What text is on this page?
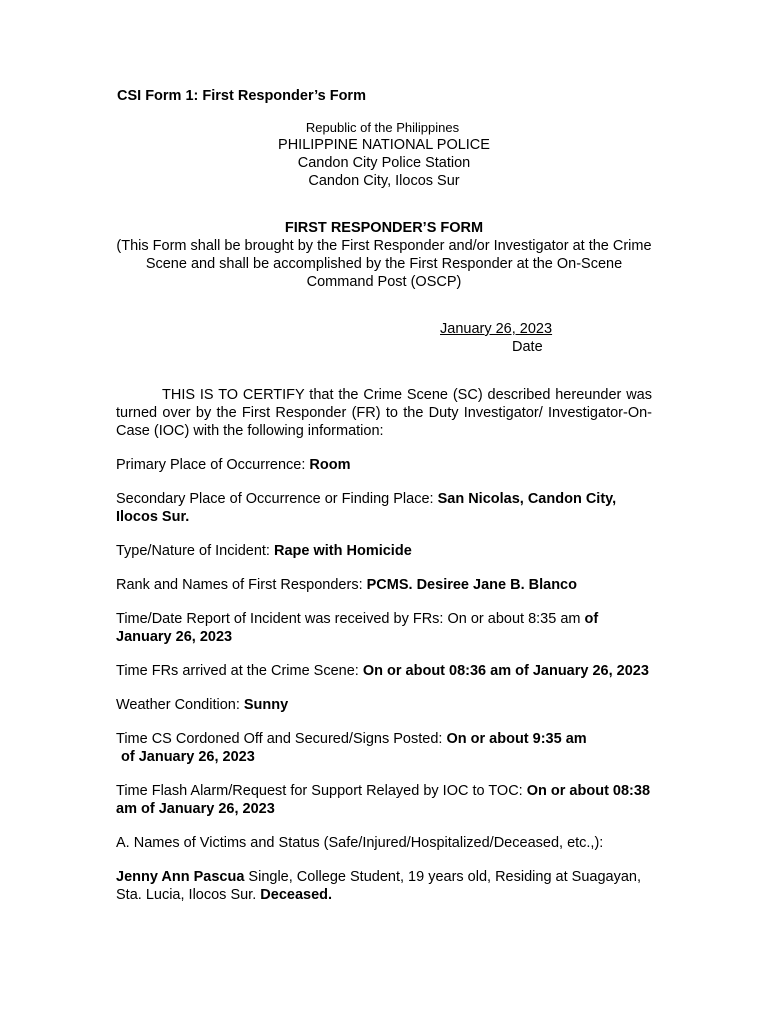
CSI Form 1: First Responder’s Form
Republic of the Philippines
PHILIPPINE NATIONAL POLICE
Candon City Police Station
Candon City, Ilocos Sur
FIRST RESPONDER’S FORM
(This Form shall be brought by the First Responder and/or Investigator at the Crime Scene and shall be accomplished by the First Responder at the On-Scene Command Post (OSCP)
January 26, 2023
Date

THIS IS TO CERTIFY that the Crime Scene (SC) described hereunder was turned over by the First Responder (FR) to the Duty Investigator/ Investigator-On-Case (IOC) with the following information:

Primary Place of Occurrence: Room

Secondary Place of Occurrence or Finding Place: San Nicolas, Candon City, Ilocos Sur.

Type/Nature of Incident: Rape with Homicide

Rank and Names of First Responders: PCMS. Desiree Jane B. Blanco

Time/Date Report of Incident was received by FRs: On or about 8:35 am of January 26, 2023

Time FRs arrived at the Crime Scene: On or about 08:36 am of January 26, 2023

Weather Condition: Sunny

Time CS Cordoned Off and Secured/Signs Posted: On or about 9:35 am
of January 26, 2023

Time Flash Alarm/Request for Support Relayed by IOC to TOC: On or about 08:38 am of January 26, 2023

A. Names of Victims and Status (Safe/Injured/Hospitalized/Deceased, etc.,):

Jenny Ann Pascua Single, College Student, 19 years old, Residing at Suagayan, Sta. Lucia, Ilocos Sur. Deceased.
